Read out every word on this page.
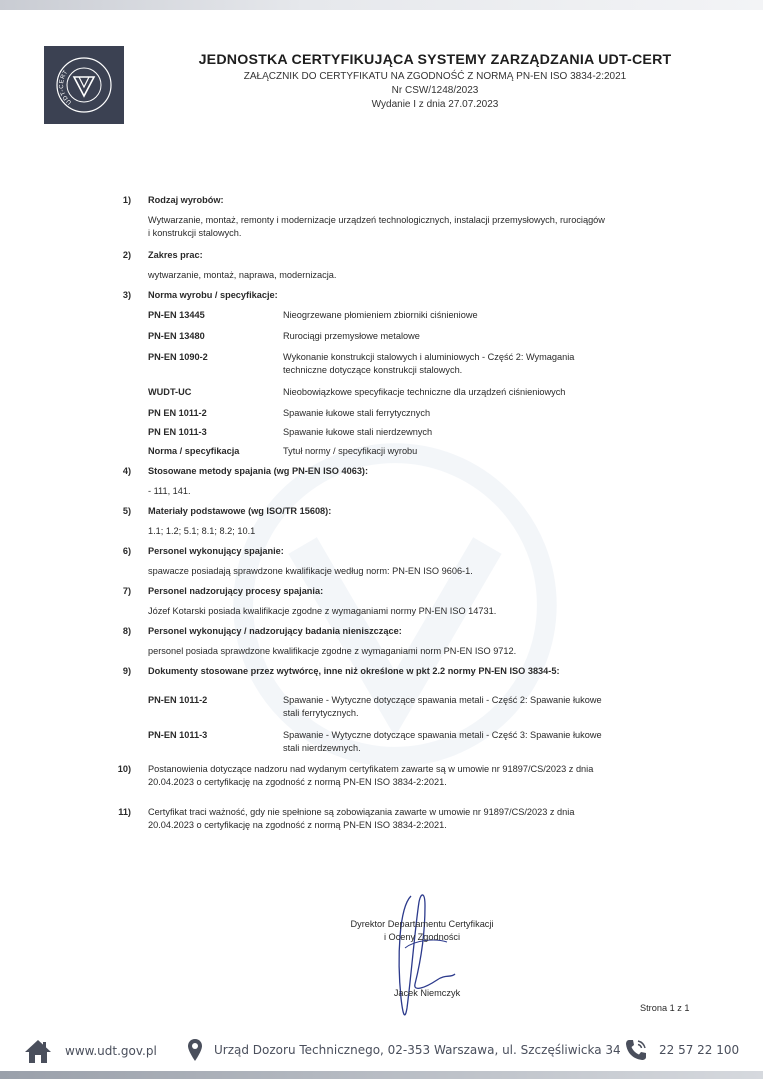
UDT-CERT
JEDNOSTKA CERTYFIKUJĄCA SYSTEMY ZARZĄDZANIA UDT-CERT
ZAŁĄCZNIK DO CERTYFIKATU NA ZGODNOŚĆ Z NORMĄ PN-EN ISO 3834-2:2021
Nr CSW/1248/2023
Wydanie I z dnia 27.07.2023
1)	Rodzaj wyrobów:
Wytwarzanie, montaż, remonty i modernizacje urządzeń technologicznych, instalacji przemysłowych, rurociągów i konstrukcji stalowych.
2)	Zakres prac:
wytwarzanie, montaż, naprawa, modernizacja.
3)	Norma wyrobu / specyfikacje:
PN-EN 13445	Nieogrzewane płomieniem zbiorniki ciśnieniowe
PN-EN 13480	Rurociągi przemysłowe metalowe
PN-EN 1090-2	Wykonanie konstrukcji stalowych i aluminiowych - Część 2: Wymagania techniczne dotyczące konstrukcji stalowych.
WUDT-UC	Nieobowiązkowe specyfikacje techniczne dla urządzeń ciśnieniowych
PN EN 1011-2	Spawanie łukowe stali ferrytycznych
PN EN 1011-3	Spawanie łukowe stali nierdzewnych
Norma / specyfikacja	Tytuł normy / specyfikacji wyrobu
4)	Stosowane metody spajania (wg PN-EN ISO 4063):
- 111, 141.
5)	Materiały podstawowe (wg ISO/TR 15608):
1.1; 1.2; 5.1; 8.1; 8.2; 10.1
6)	Personel wykonujący spajanie:
spawacze posiadają sprawdzone kwalifikacje według norm: PN-EN ISO 9606-1.
7)	Personel nadzorujący procesy spajania:
Józef Kotarski posiada kwalifikacje zgodne z wymaganiami normy PN-EN ISO 14731.
8)	Personel wykonujący / nadzorujący badania nieniszczące:
personel posiada sprawdzone kwalifikacje zgodne z wymaganiami norm PN-EN ISO 9712.
9)	Dokumenty stosowane przez wytwórcę, inne niż określone w pkt 2.2 normy PN-EN ISO 3834-5:
PN-EN 1011-2	Spawanie - Wytyczne dotyczące spawania metali - Część 2: Spawanie łukowe stali ferrytycznych.
PN-EN 1011-3	Spawanie - Wytyczne dotyczące spawania metali - Część 3: Spawanie łukowe stali nierdzewnych.
10)	Postanowienia dotyczące nadzoru nad wydanym certyfikatem zawarte są w umowie nr 91897/CS/2023 z dnia 20.04.2023 o certyfikację na zgodność z normą PN-EN ISO 3834-2:2021.
11)	Certyfikat traci ważność, gdy nie spełnione są zobowiązania zawarte w umowie nr 91897/CS/2023 z dnia 20.04.2023 o certyfikację na zgodność z normą PN-EN ISO 3834-2:2021.
Dyrektor Departamentu Certyfikacji
i Oceny Zgodności
Jacek Niemczyk
Strona 1 z 1
www.udt.gov.pl	Urząd Dozoru Technicznego, 02-353 Warszawa, ul. Szczęśliwicka 34	22 57 22 100
